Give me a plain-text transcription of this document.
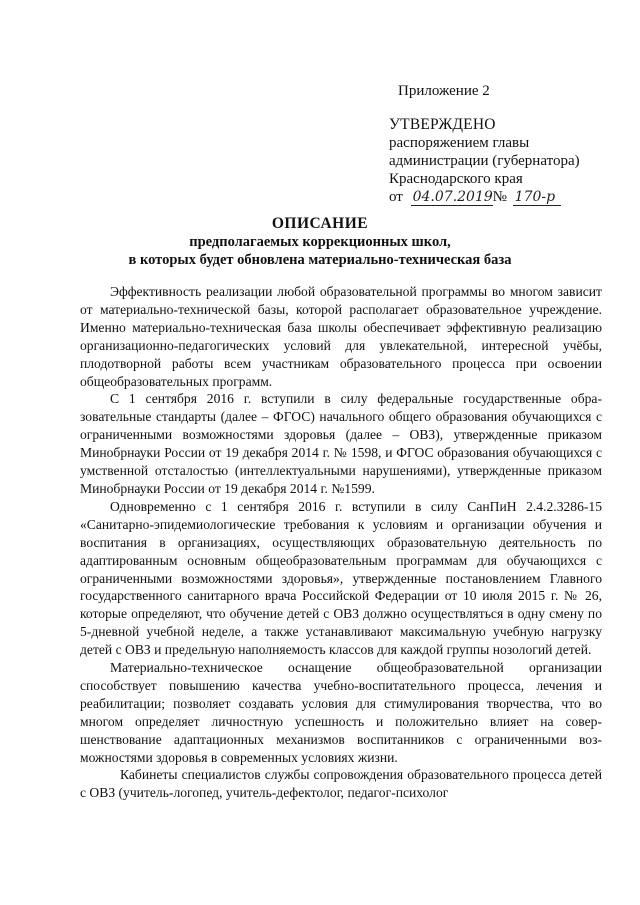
Приложение 2
УТВЕРЖДЕНО
распоряжением главы
администрации (губернатора)
Краснодарского края
от 04.07.2019№ 170-р
ОПИСАНИЕ
предполагаемых коррекционных школ,
в которых будет обновлена материально-техническая база

Эффективность реализации любой образовательной программы во многом зависит от материально-технической базы, которой располагает образовательное учреждение. Именно материально-техническая база школы обеспечивает эффективную реализацию организационно-педагогических условий для увлекательной, интересной учёбы, плодотворной работы всем участникам образовательного процесса при освоении общеобразовательных программ.

С 1 сентября 2016 г. вступили в силу федеральные государственные образовательные стандарты (далее – ФГОС) начального общего образования обучающихся с ограниченными возможностями здоровья (далее – ОВЗ), утвержденные приказом Минобрнауки России от 19 декабря 2014 г. № 1598, и ФГОС образования обучающихся с умственной отсталостью (интеллектуальными нарушениями), утвержденные приказом Минобрнауки России от 19 декабря 2014 г. №1599.

Одновременно с 1 сентября 2016 г. вступили в силу СанПиН 2.4.2.3286-15 «Санитарно-эпидемиологические требования к условиям и организации обучения и воспитания в организациях, осуществляющих образовательную деятельность по адаптированным основным общеобразовательным программам для обучающихся с ограниченными возможностями здоровья», утвержденные постановлением Главного государственного санитарного врача Российской Федерации от 10 июля 2015 г. № 26, которые определяют, что обучение детей с ОВЗ должно осуществляться в одну смену по 5-дневной учебной неделе, а также устанавливают максимальную учебную нагрузку детей с ОВЗ и предельную наполняемость классов для каждой группы нозологий детей.

Материально-техническое оснащение общеобразовательной организации способствует повышению качества учебно-воспитательного процесса, лечения и реабилитации; позволяет создавать условия для стимулирования творчества, что во многом определяет личностную успешность и положительно влияет на совершенствование адаптационных механизмов воспитанников с ограниченными возможностями здоровья в современных условиях жизни.

Кабинеты специалистов службы сопровождения образовательного процесса детей с ОВЗ (учитель-логопед, учитель-дефектолог, педагог-психолог
